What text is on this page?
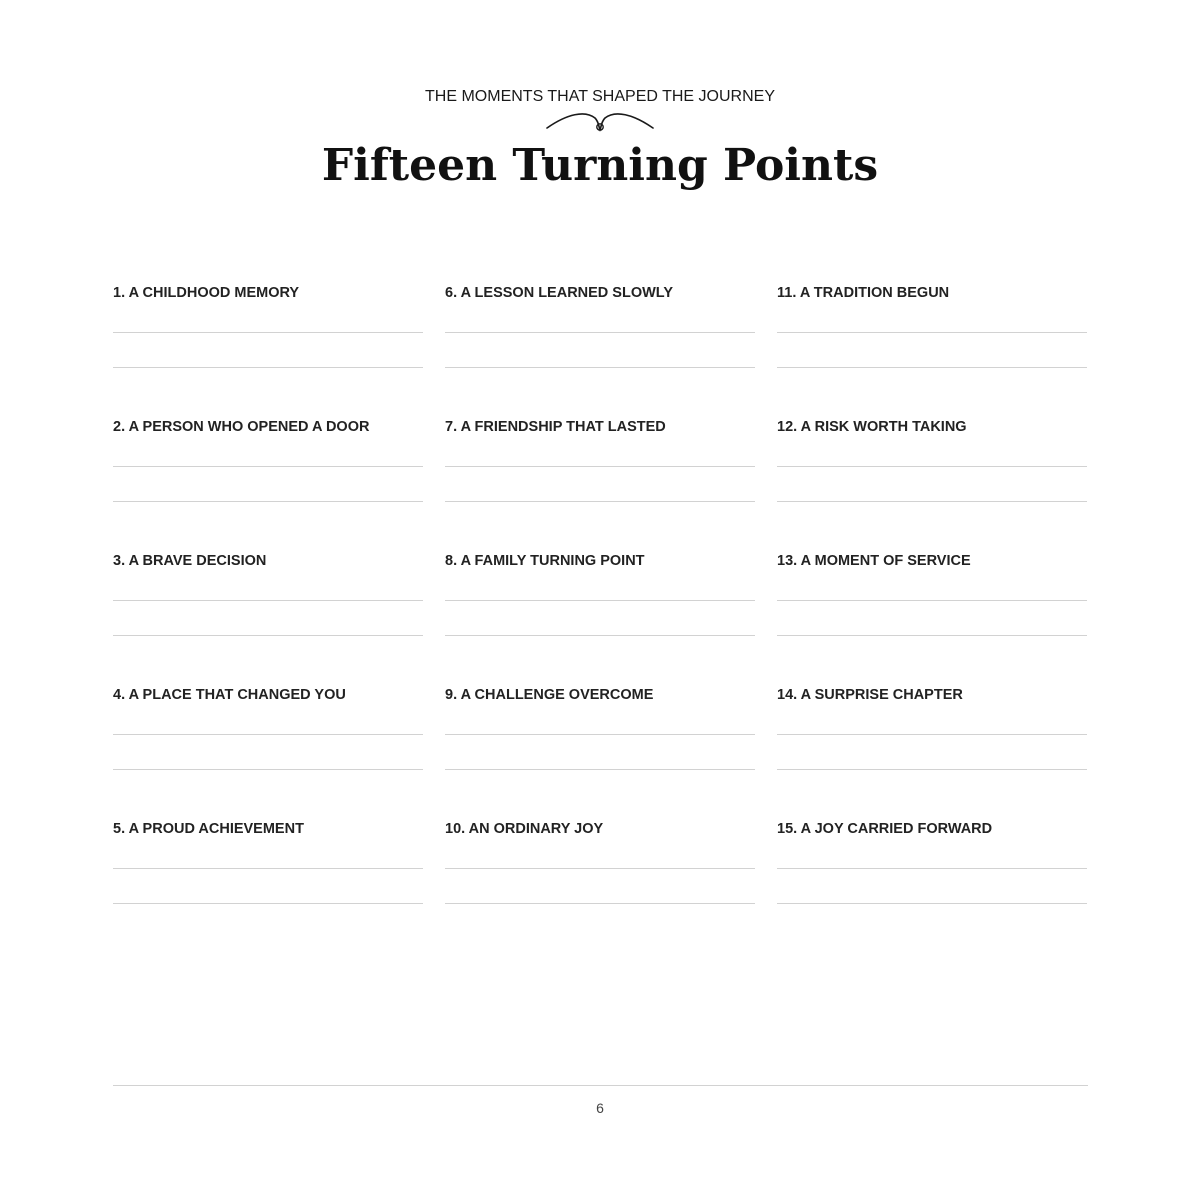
THE MOMENTS THAT SHAPED THE JOURNEY
Fifteen Turning Points
1. A CHILDHOOD MEMORY	6. A LESSON LEARNED SLOWLY	11. A TRADITION BEGUN
2. A PERSON WHO OPENED A DOOR	7. A FRIENDSHIP THAT LASTED	12. A RISK WORTH TAKING
3. A BRAVE DECISION	8. A FAMILY TURNING POINT	13. A MOMENT OF SERVICE
4. A PLACE THAT CHANGED YOU	9. A CHALLENGE OVERCOME	14. A SURPRISE CHAPTER
5. A PROUD ACHIEVEMENT	10. AN ORDINARY JOY	15. A JOY CARRIED FORWARD
6
